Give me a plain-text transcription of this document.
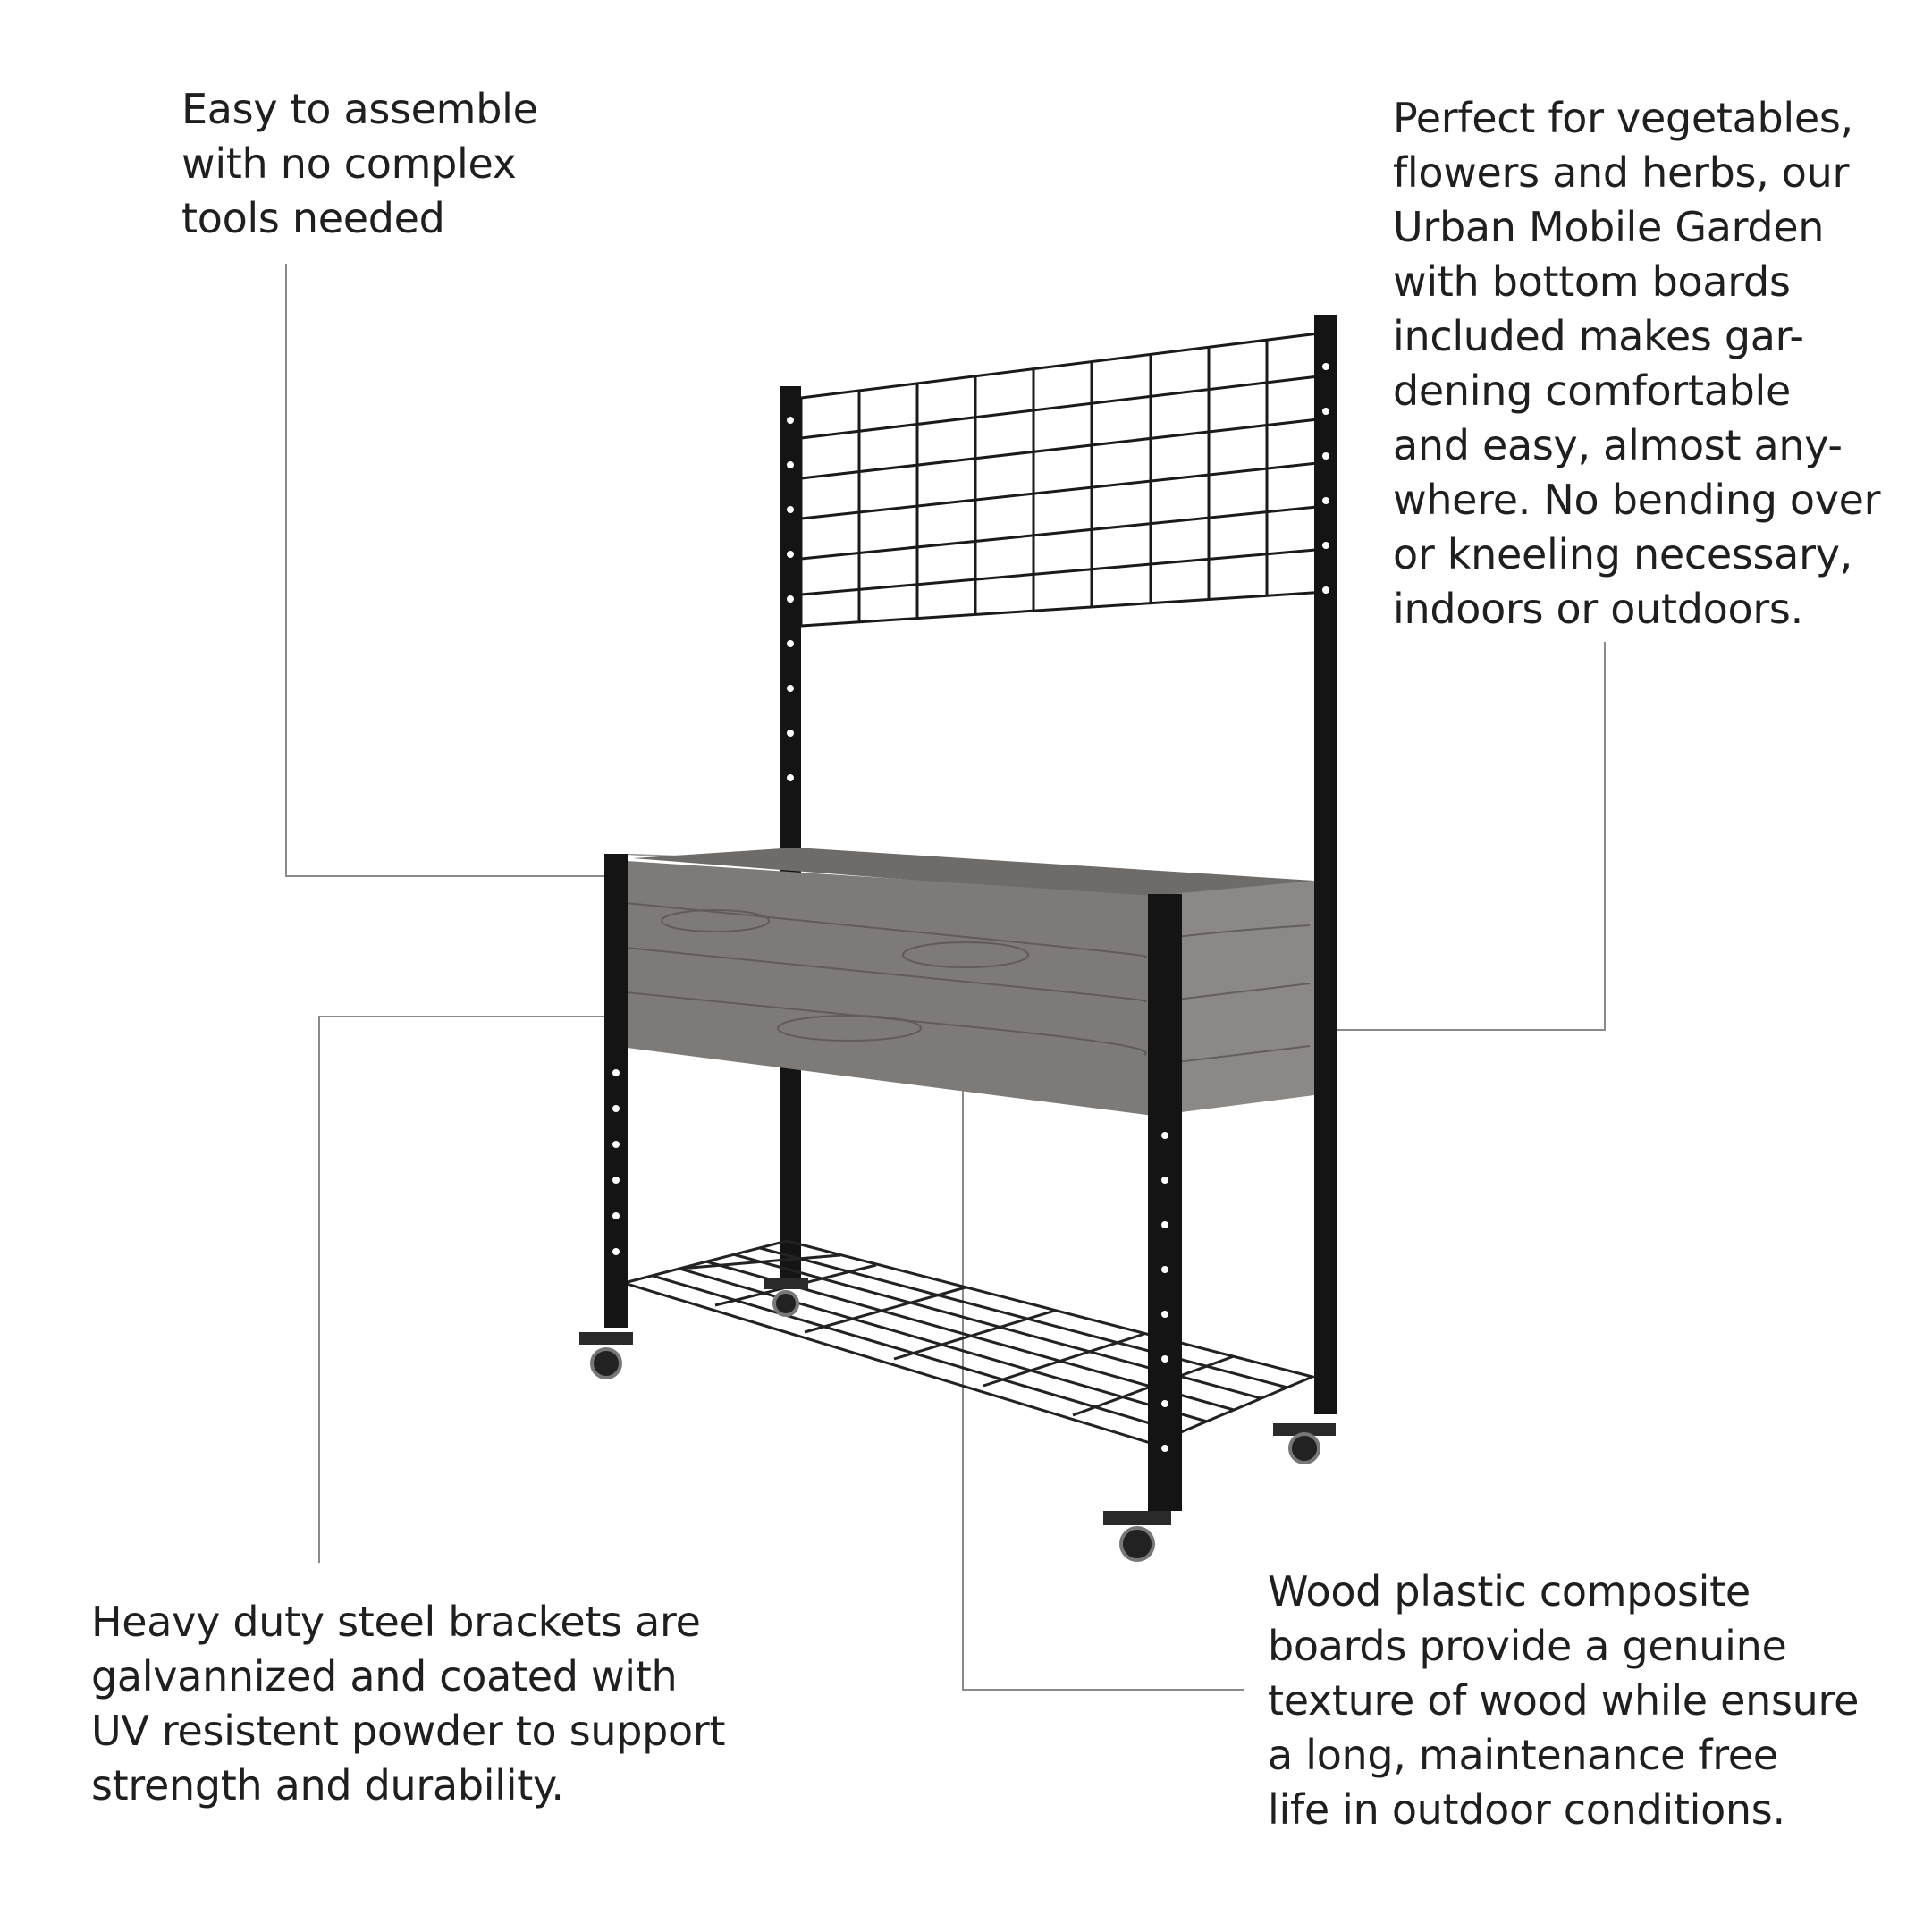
Easy to assemble

with no complex

tools needed

Perfect for vegetables,

flowers and herbs, our

Urban Mobile Garden

with bottom boards

included makes gar-

dening comfortable

and easy, almost any-

where. No bending over

or kneeling necessary,

indoors or outdoors.

Heavy duty steel brackets are

galvannized and coated with

UV resistent powder to support

strength and durability.

Wood plastic composite

boards provide a genuine

texture of wood while ensure

a long, maintenance free

life in outdoor conditions.
